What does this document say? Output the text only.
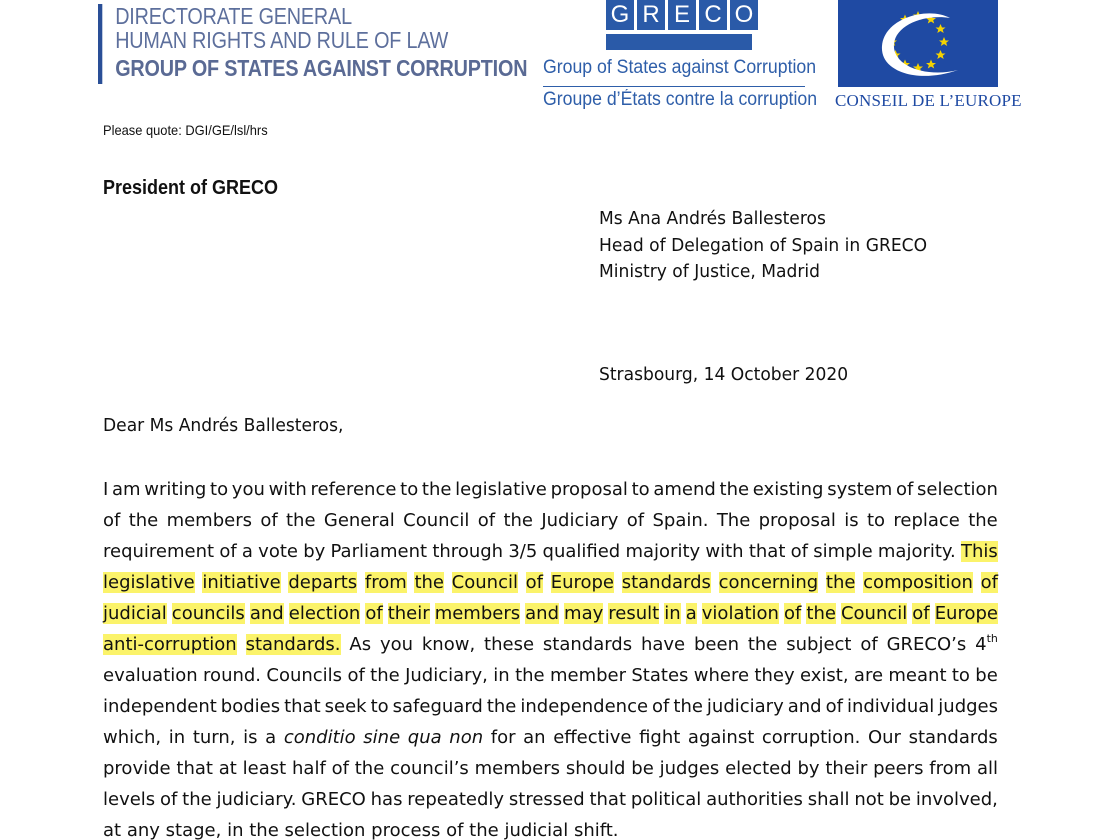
DIRECTORATE GENERAL
HUMAN RIGHTS AND RULE OF LAW
GROUP OF STATES AGAINST CORRUPTION
G R E C O
Group of States against Corruption
Groupe d’États contre la corruption CONSEIL DE L’EUROPE
Please quote: DGI/GE/lsl/hrs
President of GRECO
Ms Ana Andrés Ballesteros
Head of Delegation of Spain in GRECO
Ministry of Justice, Madrid
Strasbourg, 14 October 2020
Dear Ms Andrés Ballesteros,
I am writing to you with reference to the legislative proposal to amend the existing system of selection
of the members of the General Council of the Judiciary of Spain. The proposal is to replace the
requirement of a vote by Parliament through 3/5 qualified majority with that of simple majority. This
legislative initiative departs from the Council of Europe standards concerning the composition of
judicial councils and election of their members and may result in a violation of the Council of Europe
anti-corruption standards. As you know, these standards have been the subject of GRECO’s 4th
evaluation round. Councils of the Judiciary, in the member States where they exist, are meant to be
independent bodies that seek to safeguard the independence of the judiciary and of individual judges
which, in turn, is a conditio sine qua non for an effective fight against corruption. Our standards
provide that at least half of the council’s members should be judges elected by their peers from all
levels of the judiciary. GRECO has repeatedly stressed that political authorities shall not be involved,
at
any
stage,
in
the
selection
process
of
the
judicial
shift.
